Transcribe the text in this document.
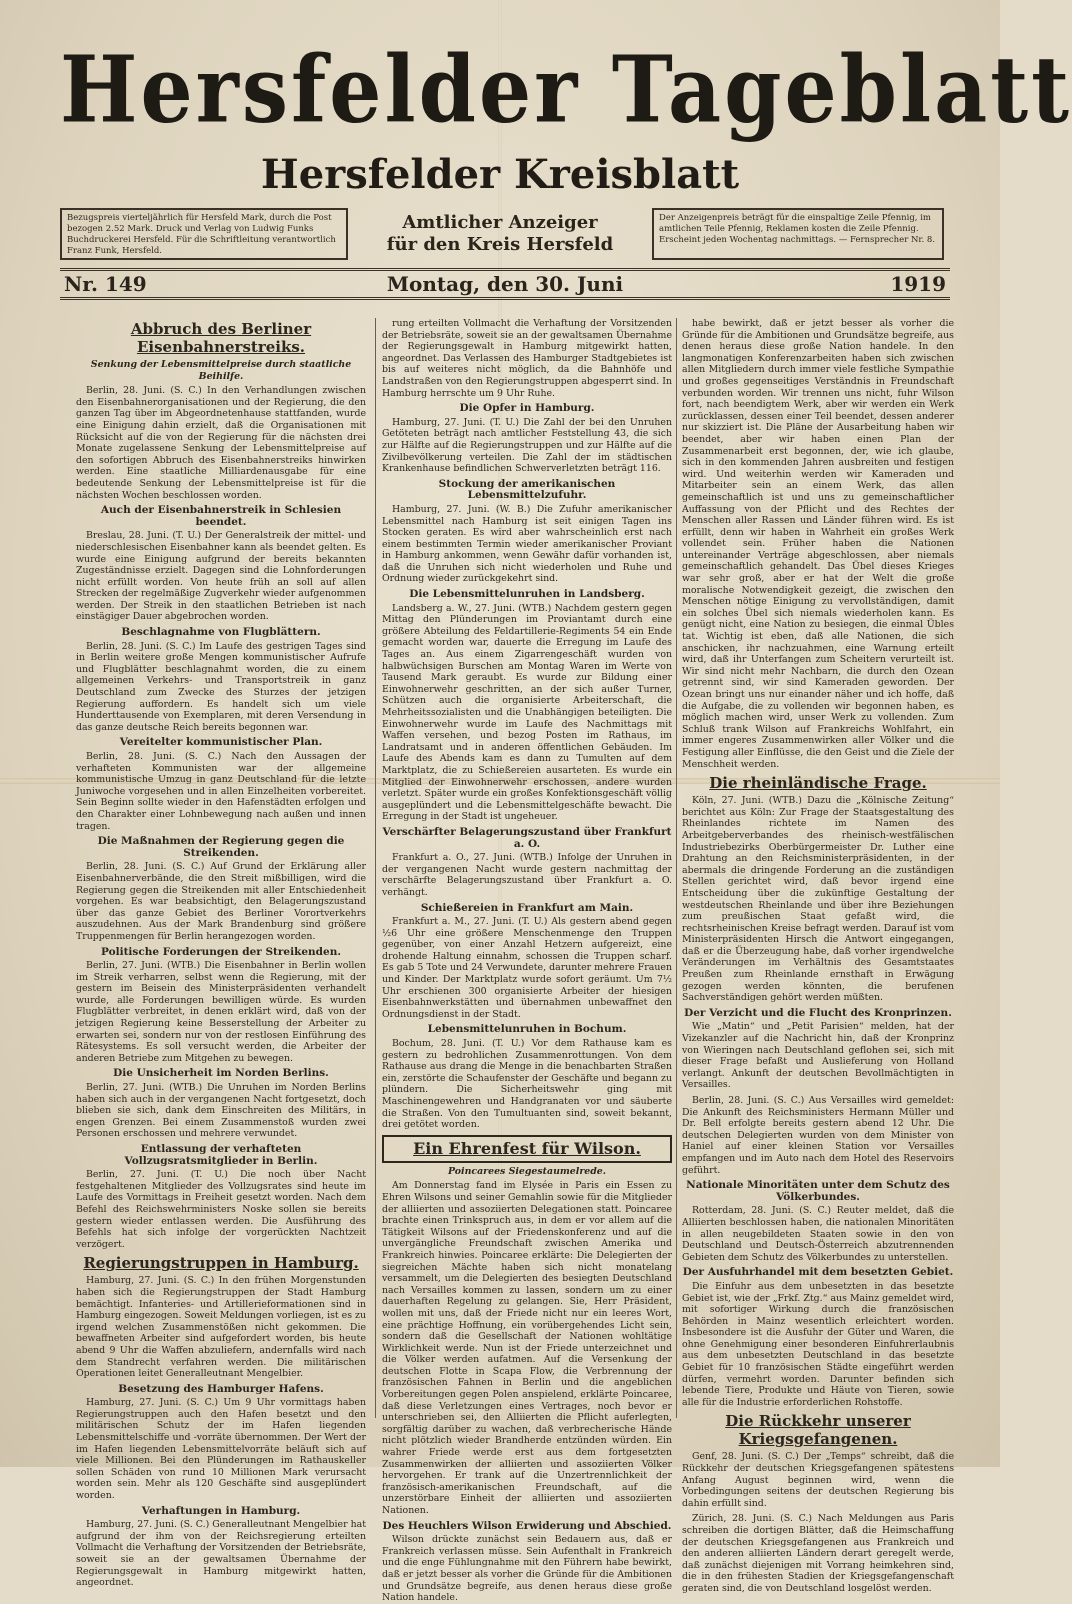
Hersfelder Tageblatt
Hersfelder Kreisblatt
Bezugspreis vierteljährlich für Hersfeld Mark, durch die Post bezogen 2.52 Mark. Druck und Verlag von Ludwig Funks Buchdruckerei Hersfeld. Für die Schriftleitung verantwortlich Franz Funk, Hersfeld.
Amtlicher Anzeiger
für den Kreis Hersfeld
Der Anzeigenpreis beträgt für die einspaltige Zeile Pfennig, im amtlichen Teile Pfennig, Reklamen kosten die Zeile Pfennig. Erscheint jeden Wochentag nachmittags. — Fernsprecher Nr. 8.
Montag, den 30. Juni
Nr. 149	1919
Abbruch des Berliner Eisenbahnerstreiks.
Senkung der Lebensmittelpreise durch staatliche Beihilfe.

Berlin, 28. Juni. (S. C.) In den Verhandlungen zwischen den Eisenbahnerorganisationen und der Regierung, die den ganzen Tag über im Abgeordnetenhause stattfanden, wurde eine Einigung dahin erzielt, daß die Organisationen mit Rücksicht auf die von der Regierung für die nächsten drei Monate zugelassene Senkung der Lebensmittelpreise auf den sofortigen Abbruch des Eisenbahnerstreiks hinwirken werden. Eine staatliche Milliardenausgabe für eine bedeutende Senkung der Lebensmittelpreise ist für die nächsten Wochen beschlossen worden.

Auch der Eisenbahnerstreik in Schlesien beendet.

Breslau, 28. Juni. (T. U.) Der Generalstreik der mittel- und niederschlesischen Eisenbahner kann als beendet gelten. Es wurde eine Einigung aufgrund der bereits bekannten Zugeständnisse erzielt. Dagegen sind die Lohnforderungen nicht erfüllt worden. Von heute früh an soll auf allen Strecken der regelmäßige Zugverkehr wieder aufgenommen werden. Der Streik in den staatlichen Betrieben ist nach einstägiger Dauer abgebrochen worden.

Beschlagnahme von Flugblättern.

Berlin, 28. Juni. (S. C.) Im Laufe des gestrigen Tages sind in Berlin weitere große Mengen kommunistischer Aufrufe und Flugblätter beschlagnahmt worden, die zu einem allgemeinen Verkehrs- und Transportstreik in ganz Deutschland zum Zwecke des Sturzes der jetzigen Regierung auffordern. Es handelt sich um viele Hunderttausende von Exemplaren, mit deren Versendung in das ganze deutsche Reich bereits begonnen war.

Vereitelter kommunistischer Plan.

Berlin, 28. Juni. (S. C.) Nach den Aussagen der verhafteten Kommunisten war der allgemeine kommunistische Umzug in ganz Deutschland für die letzte Juniwoche vorgesehen und in allen Einzelheiten vorbereitet. Sein Beginn sollte wieder in den Hafenstädten erfolgen und den Charakter einer Lohnbewegung nach außen und innen tragen.

Die Maßnahmen der Regierung gegen die Streikenden.

Berlin, 28. Juni. (S. C.) Auf Grund der Erklärung aller Eisenbahnerverbände, die den Streit mißbilligen, wird die Regierung gegen die Streikenden mit aller Entschiedenheit vorgehen. Es war beabsichtigt, den Belagerungszustand über das ganze Gebiet des Berliner Vorortverkehrs auszudehnen. Aus der Mark Brandenburg sind größere Truppenmengen für Berlin herangezogen worden.

Politische Forderungen der Streikenden.

Berlin, 27. Juni. (WTB.) Die Eisenbahner in Berlin wollen im Streik verharren, selbst wenn die Regierung, mit der gestern im Beisein des Ministerpräsidenten verhandelt wurde, alle Forderungen bewilligen würde. Es wurden Flugblätter verbreitet, in denen erklärt wird, daß von der jetzigen Regierung keine Besserstellung der Arbeiter zu erwarten sei, sondern nur von der restlosen Einführung des Rätesystems. Es soll versucht werden, die Arbeiter der anderen Betriebe zum Mitgehen zu bewegen.

Die Unsicherheit im Norden Berlins.

Berlin, 27. Juni. (WTB.) Die Unruhen im Norden Berlins haben sich auch in der vergangenen Nacht fortgesetzt, doch blieben sie sich, dank dem Einschreiten des Militärs, in engen Grenzen. Bei einem Zusammenstoß wurden zwei Personen erschossen und mehrere verwundet.

Entlassung der verhafteten Vollzugsratsmitglieder in Berlin.

Berlin, 27. Juni. (T. U.) Die noch über Nacht festgehaltenen Mitglieder des Vollzugsrates sind heute im Laufe des Vormittags in Freiheit gesetzt worden. Nach dem Befehl des Reichswehrministers Noske sollen sie bereits gestern wieder entlassen werden. Die Ausführung des Befehls hat sich infolge der vorgerückten Nachtzeit verzögert.

Regierungstruppen in Hamburg.

Hamburg, 27. Juni. (S. C.) In den frühen Morgenstunden haben sich die Regierungstruppen der Stadt Hamburg bemächtigt. Infanteries- und Artillerieformationen sind in Hamburg eingezogen. Soweit Meldungen vorliegen, ist es zu irgend welchen Zusammenstößen nicht gekommen. Die bewaffneten Arbeiter sind aufgefordert worden, bis heute abend 9 Uhr die Waffen abzuliefern, andernfalls wird nach dem Standrecht verfahren werden. Die militärischen Operationen leitet Generalleutnant Mengelbier.

Besetzung des Hamburger Hafens.

Hamburg, 27. Juni. (S. C.) Um 9 Uhr vormittags haben Regierungstruppen auch den Hafen besetzt und den militärischen Schutz der im Hafen liegenden Lebensmittelschiffe und -vorräte übernommen. Der Wert der im Hafen liegenden Lebensmittelvorräte beläuft sich auf viele Millionen. Bei den Plünderungen im Rathauskeller sollen Schäden von rund 10 Millionen Mark verursacht worden sein. Mehr als 120 Geschäfte sind ausgeplündert worden.

Verhaftungen in Hamburg.

Hamburg, 27. Juni. (S. C.) Generalleutnant Mengelbier hat aufgrund der ihm von der Reichsregierung erteilten Vollmacht die Verhaftung der Vorsitzenden der Betriebsräte, soweit sie an der gewaltsamen Übernahme der Regierungsgewalt in Hamburg mitgewirkt hatten, angeordnet.

rung erteilten Vollmacht die Verhaftung der Vorsitzenden der Betriebsräte, soweit sie an der gewaltsamen Übernahme der Regierungsgewalt in Hamburg mitgewirkt hatten, angeordnet. Das Verlassen des Hamburger Stadtgebietes ist bis auf weiteres nicht möglich, da die Bahnhöfe und Landstraßen von den Regierungstruppen abgesperrt sind. In Hamburg herrschte um 9 Uhr Ruhe.

Die Opfer in Hamburg.

Hamburg, 27. Juni. (T. U.) Die Zahl der bei den Unruhen Getöteten beträgt nach amtlicher Feststellung 43, die sich zur Hälfte auf die Regierungstruppen und zur Hälfte auf die Zivilbevölkerung verteilen. Die Zahl der im städtischen Krankenhause befindlichen Schwerverletzten beträgt 116.

Stockung der amerikanischen Lebensmittelzufuhr.

Hamburg, 27. Juni. (W. B.) Die Zufuhr amerikanischer Lebensmittel nach Hamburg ist seit einigen Tagen ins Stocken geraten. Es wird aber wahrscheinlich erst nach einem bestimmten Termin wieder amerikanischer Proviant in Hamburg ankommen, wenn Gewähr dafür vorhanden ist, daß die Unruhen sich nicht wiederholen und Ruhe und Ordnung wieder zurückgekehrt sind.

Die Lebensmittelunruhen in Landsberg.

Landsberg a. W., 27. Juni. (WTB.) Nachdem gestern gegen Mittag den Plünderungen im Proviantamt durch eine größere Abteilung des Feldartillerie-Regiments 54 ein Ende gemacht worden war, dauerte die Erregung im Laufe des Tages an. Aus einem Zigarrengeschäft wurden von halbwüchsigen Burschen am Montag Waren im Werte von Tausend Mark geraubt. Es wurde zur Bildung einer Einwohnerwehr geschritten, an der sich außer Turner, Schützen auch die organisierte Arbeiterschaft, die Mehrheitssozialisten und die Unabhängigen beteiligten. Die Einwohnerwehr wurde im Laufe des Nachmittags mit Waffen versehen, und bezog Posten im Rathaus, im Landratsamt und in anderen öffentlichen Gebäuden. Im Laufe des Abends kam es dann zu Tumulten auf dem Marktplatz, die zu Schießereien ausarteten. Es wurde ein Mitglied der Einwohnerwehr erschossen, andere wurden verletzt. Später wurde ein großes Konfektionsgeschäft völlig ausgeplündert und die Lebensmittelgeschäfte bewacht. Die Erregung in der Stadt ist ungeheuer.

Verschärfter Belagerungszustand über Frankfurt a. O.

Frankfurt a. O., 27. Juni. (WTB.) Infolge der Unruhen in der vergangenen Nacht wurde gestern nachmittag der verschärfte Belagerungszustand über Frankfurt a. O. verhängt.

Schießereien in Frankfurt am Main.

Frankfurt a. M., 27. Juni. (T. U.) Als gestern abend gegen ½6 Uhr eine größere Menschenmenge den Truppen gegenüber, von einer Anzahl Hetzern aufgereizt, eine drohende Haltung einnahm, schossen die Truppen scharf. Es gab 5 Tote und 24 Verwundete, darunter mehrere Frauen und Kinder. Der Marktplatz wurde sofort geräumt. Um 7½ Uhr erschienen 300 organisierte Arbeiter der hiesigen Eisenbahnwerkstätten und übernahmen unbewaffnet den Ordnungsdienst in der Stadt.

Lebensmittelunruhen in Bochum.

Bochum, 28. Juni. (T. U.) Vor dem Rathause kam es gestern zu bedrohlichen Zusammenrottungen. Von dem Rathause aus drang die Menge in die benachbarten Straßen ein, zerstörte die Schaufenster der Geschäfte und begann zu plündern. Die Sicherheitswehr ging mit Maschinengewehren und Handgranaten vor und säuberte die Straßen. Von den Tumultuanten sind, soweit bekannt, drei getötet worden.

Ein Ehrenfest für Wilson.
Poincarees Siegestaumelrede.

Am Donnerstag fand im Elysée in Paris ein Essen zu Ehren Wilsons und seiner Gemahlin sowie für die Mitglieder der alliierten und assoziierten Delegationen statt. Poincaree brachte einen Trinkspruch aus, in dem er vor allem auf die Tätigkeit Wilsons auf der Friedenskonferenz und auf die unvergängliche Freundschaft zwischen Amerika und Frankreich hinwies. Poincaree erklärte: Die Delegierten der siegreichen Mächte haben sich nicht monatelang versammelt, um die Delegierten des besiegten Deutschland nach Versailles kommen zu lassen, sondern um zu einer dauerhaften Regelung zu gelangen. Sie, Herr Präsident, wollen mit uns, daß der Friede nicht nur ein leeres Wort, eine prächtige Hoffnung, ein vorübergehendes Licht sein, sondern daß die Gesellschaft der Nationen wohltätige Wirklichkeit werde. Nun ist der Friede unterzeichnet und die Völker werden aufatmen. Auf die Versenkung der deutschen Flotte in Scapa Flow, die Verbrennung der französischen Fahnen in Berlin und die angeblichen Vorbereitungen gegen Polen anspielend, erklärte Poincaree, daß diese Verletzungen eines Vertrages, noch bevor er unterschrieben sei, den Alliierten die Pflicht auferlegten, sorgfältig darüber zu wachen, daß verbrecherische Hände nicht plötzlich wieder Brandherde entzünden würden. Ein wahrer Friede werde erst aus dem fortgesetzten Zusammenwirken der alliierten und assoziierten Völker hervorgehen. Er trank auf die Unzertrennlichkeit der französisch-amerikanischen Freundschaft, auf die unzerstörbare Einheit der alliierten und assoziierten Nationen.

Des Heuchlers Wilson Erwiderung und Abschied.

Wilson drückte zunächst sein Bedauern aus, daß er Frankreich verlassen müsse. Sein Aufenthalt in Frankreich und die enge Fühlungnahme mit den Führern habe bewirkt, daß er jetzt besser als vorher die Gründe für die Ambitionen und Grundsätze begreife, aus denen heraus diese große Nation handele.

habe bewirkt, daß er jetzt besser als vorher die Gründe für die Ambitionen und Grundsätze begreife, aus denen heraus diese große Nation handele. In den langmonatigen Konferenzarbeiten haben sich zwischen allen Mitgliedern durch immer viele festliche Sympathie und großes gegenseitiges Verständnis in Freundschaft verbunden worden. Wir trennen uns nicht, fuhr Wilson fort, nach beendigtem Werk, aber wir werden ein Werk zurücklassen, dessen einer Teil beendet, dessen anderer nur skizziert ist. Die Pläne der Ausarbeitung haben wir beendet, aber wir haben einen Plan der Zusammenarbeit erst begonnen, der, wie ich glaube, sich in den kommenden Jahren ausbreiten und festigen wird. Und weiterhin werden wir Kameraden und Mitarbeiter sein an einem Werk, das allen gemeinschaftlich ist und uns zu gemeinschaftlicher Auffassung von der Pflicht und des Rechtes der Menschen aller Rassen und Länder führen wird. Es ist erfüllt, denn wir haben in Wahrheit ein großes Werk vollendet sein. Früher haben die Nationen untereinander Verträge abgeschlossen, aber niemals gemeinschaftlich gehandelt. Das Übel dieses Krieges war sehr groß, aber er hat der Welt die große moralische Notwendigkeit gezeigt, die zwischen den Menschen nötige Einigung zu vervollständigen, damit ein solches Übel sich niemals wiederholen kann. Es genügt nicht, eine Nation zu besiegen, die einmal Übles tat. Wichtig ist eben, daß alle Nationen, die sich anschicken, ihr nachzuahmen, eine Warnung erteilt wird, daß ihr Unterfangen zum Scheitern verurteilt ist. Wir sind nicht mehr Nachbarn, die durch den Ozean getrennt sind, wir sind Kameraden geworden. Der Ozean bringt uns nur einander näher und ich hoffe, daß die Aufgabe, die zu vollenden wir begonnen haben, es möglich machen wird, unser Werk zu vollenden. Zum Schluß trank Wilson auf Frankreichs Wohlfahrt, ein immer engeres Zusammenwirken aller Völker und die Festigung aller Einflüsse, die den Geist und die Ziele der Menschheit werden.

Die rheinländische Frage.

Köln, 27. Juni. (WTB.) Dazu die „Kölnische Zeitung“ berichtet aus Köln: Zur Frage der Staatsgestaltung des Rheinlandes richtete im Namen des Arbeitgeberverbandes des rheinisch-westfälischen Industriebezirks Oberbürgermeister Dr. Luther eine Drahtung an den Reichsministerpräsidenten, in der abermals die dringende Forderung an die zuständigen Stellen gerichtet wird, daß bevor irgend eine Entscheidung über die zukünftige Gestaltung der westdeutschen Rheinlande und über ihre Beziehungen zum preußischen Staat gefaßt wird, die rechtsrheinischen Kreise befragt werden. Darauf ist vom Ministerpräsidenten Hirsch die Antwort eingegangen, daß er die Überzeugung habe, daß vorher irgendwelche Veränderungen im Verhältnis des Gesamtstaates Preußen zum Rheinlande ernsthaft in Erwägung gezogen werden könnten, die berufenen Sachverständigen gehört werden müßten.

Der Verzicht und die Flucht des Kronprinzen.

Wie „Matin“ und „Petit Parisien“ melden, hat der Vizekanzler auf die Nachricht hin, daß der Kronprinz von Wieringen nach Deutschland geflohen sei, sich mit dieser Frage befaßt und Auslieferung von Holland verlangt. Ankunft der deutschen Bevollmächtigten in Versailles.

Berlin, 28. Juni. (S. C.) Aus Versailles wird gemeldet: Die Ankunft des Reichsministers Hermann Müller und Dr. Bell erfolgte bereits gestern abend 12 Uhr. Die deutschen Delegierten wurden von dem Minister von Haniel auf einer kleinen Station vor Versailles empfangen und im Auto nach dem Hotel des Reservoirs geführt.

Nationale Minoritäten unter dem Schutz des Völkerbundes.

Rotterdam, 28. Juni. (S. C.) Reuter meldet, daß die Alliierten beschlossen haben, die nationalen Minoritäten in allen neugebildeten Staaten sowie in den von Deutschland und Deutsch-Österreich abzutrennenden Gebieten dem Schutz des Völkerbundes zu unterstellen.

Der Ausfuhrhandel mit dem besetzten Gebiet.

Die Einfuhr aus dem unbesetzten in das besetzte Gebiet ist, wie der „Frkf. Ztg.“ aus Mainz gemeldet wird, mit sofortiger Wirkung durch die französischen Behörden in Mainz wesentlich erleichtert worden. Insbesondere ist die Ausfuhr der Güter und Waren, die ohne Genehmigung einer besonderen Einfuhrerlaubnis aus dem unbesetzten Deutschland in das besetzte Gebiet für 10 französischen Städte eingeführt werden dürfen, vermehrt worden. Darunter befinden sich lebende Tiere, Produkte und Häute von Tieren, sowie alle für die Industrie erforderlichen Rohstoffe.

Die Rückkehr unserer Kriegsgefangenen.

Genf, 28. Juni. (S. C.) Der „Temps“ schreibt, daß die Rückkehr der deutschen Kriegsgefangenen spätestens Anfang August beginnen wird, wenn die Vorbedingungen seitens der deutschen Regierung bis dahin erfüllt sind.

Zürich, 28. Juni. (S. C.) Nach Meldungen aus Paris schreiben die dortigen Blätter, daß die Heimschaffung der deutschen Kriegsgefangenen aus Frankreich und den anderen alliierten Ländern derart geregelt werde, daß zunächst diejenigen mit Vorrang heimkehren sind, die in den frühesten Stadien der Kriegsgefangenschaft geraten sind, die von Deutschland losgelöst werden.
